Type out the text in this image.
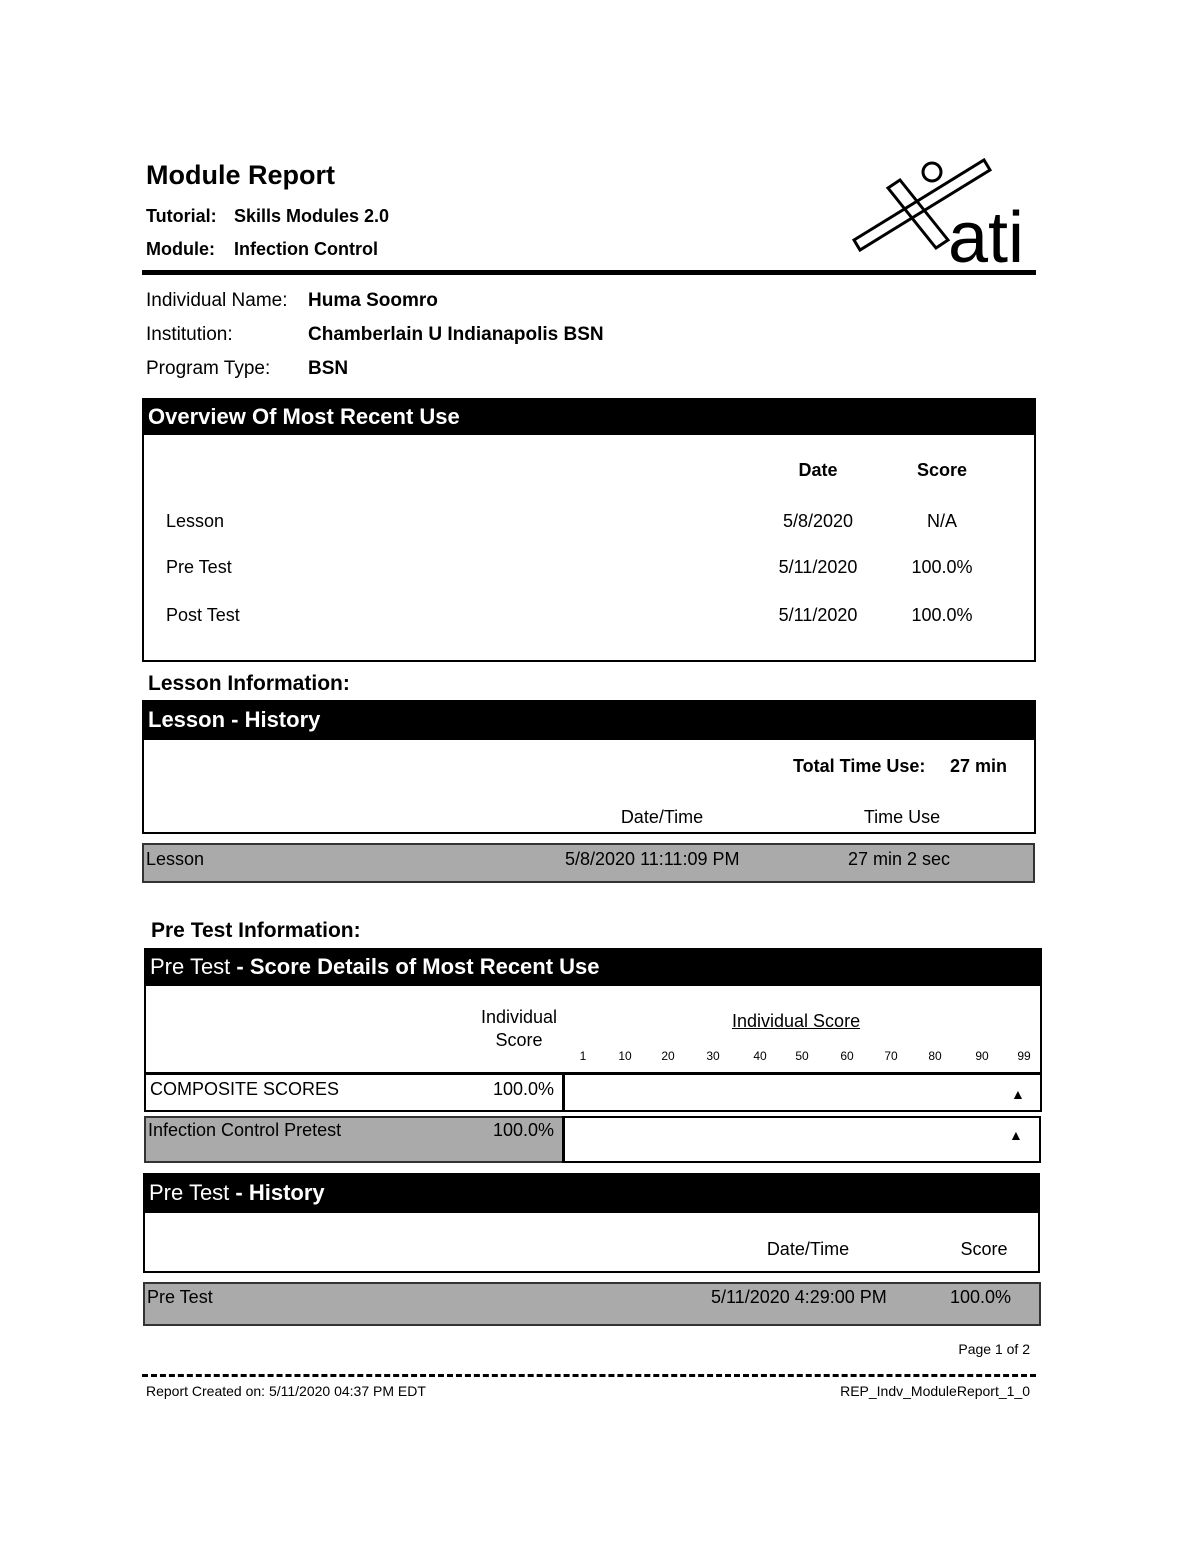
ati
Module Report
Tutorial: Skills Modules 2.0
Module: Infection Control
Individual Name: Huma Soomro
Institution:	Chamberlain U Indianapolis BSN
Program Type: BSN
Overview Of Most Recent Use
Date	Score
Lesson	5/8/2020	N/A
Pre Test	5/11/2020	100.0%
Post Test	5/11/2020	100.0%
Lesson Information:
Lesson - History
Total Time Use: 27 min
Date/Time	Time Use
Lesson	5/8/2020 11:11:09 PM	27 min 2 sec
Pre Test Information:
Pre Test - Score Details of Most Recent Use
Individual Score
Individual Score
1	10	20	30	40	50	60	70	80	90	99
COMPOSITE SCORES	100.0%	▲
Infection Control Pretest	100.0%	▲
Pre Test - History
Date/Time	Score
Pre Test	5/11/2020 4:29:00 PM	100.0%
Page 1 of 2
Report Created on: 5/11/2020 04:37 PM EDT	REP_Indv_ModuleReport_1_0
